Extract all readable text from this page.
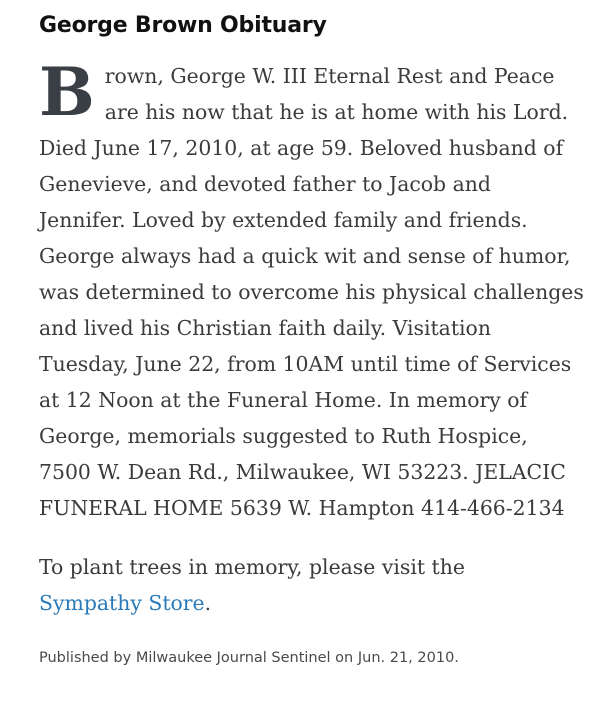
George Brown Obituary

Brown, George W. III Eternal Rest and Peace are his now that he is at home with his Lord. Died June 17, 2010, at age 59. Beloved husband of Genevieve, and devoted father to Jacob and Jennifer. Loved by extended family and friends. George always had a quick wit and sense of humor, was determined to overcome his physical challenges and lived his Christian faith daily. Visitation Tuesday, June 22, from 10AM until time of Services at 12 Noon at the Funeral Home. In memory of George, memorials suggested to Ruth Hospice, 7500 W. Dean Rd., Milwaukee, WI 53223. JELACIC FUNERAL HOME 5639 W. Hampton 414-466-2134

To plant trees in memory, please visit the Sympathy Store.

Published by Milwaukee Journal Sentinel on Jun. 21, 2010.
